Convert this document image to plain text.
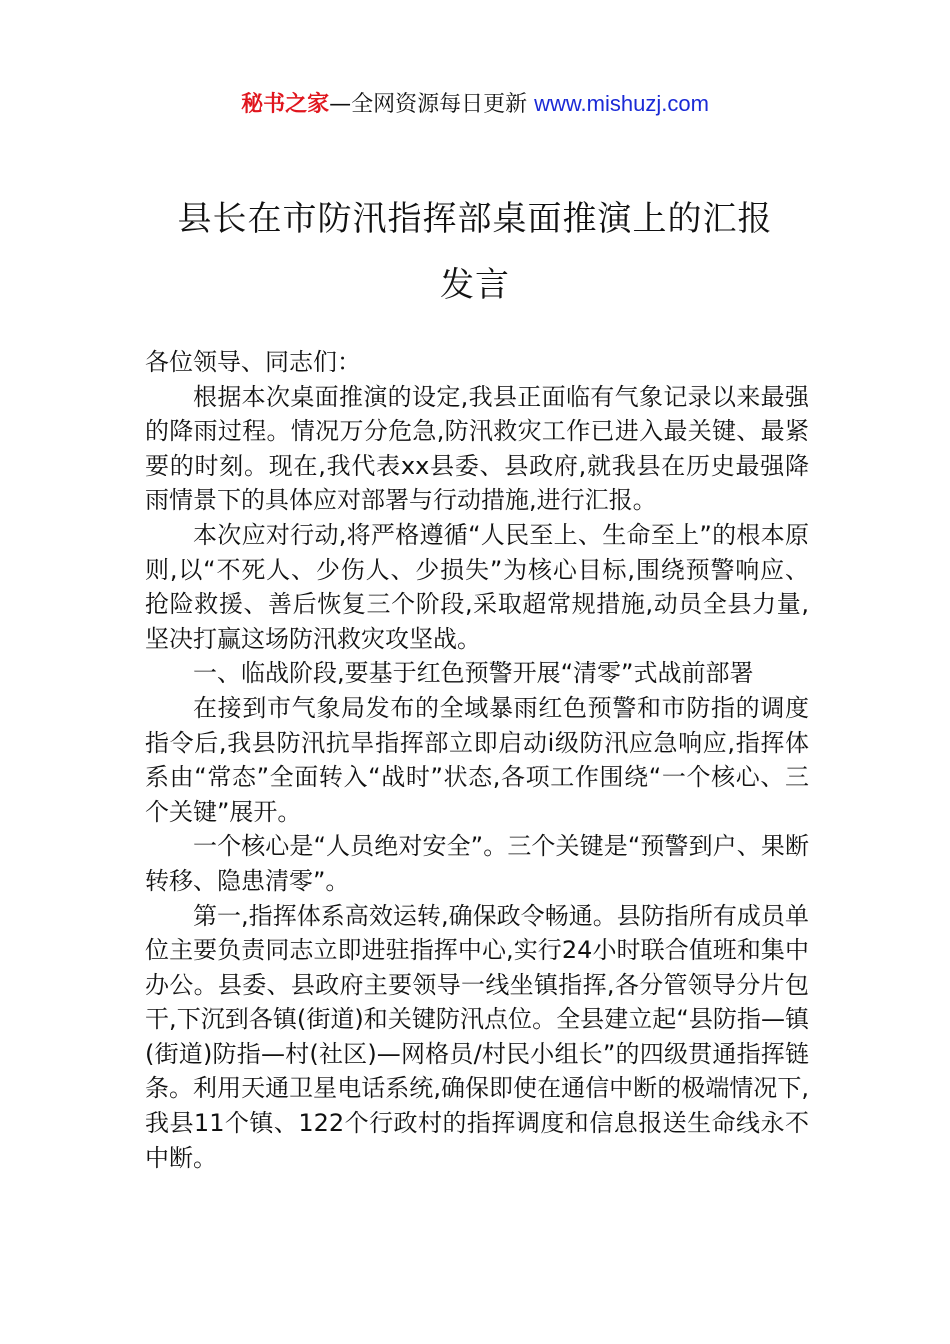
秘书之家—全网资源每日更新 www.mishuzj.com
县长在市防汛指挥部桌面推演上的汇报
发言

各位领导、同志们：

根据本次桌面推演的设定,我县正面临有气象记录以来最强的降雨过程。情况万分危急,防汛救灾工作已进入最关键、最紧要的时刻。现在,我代表xx县委、县政府,就我县在历史最强降雨情景下的具体应对部署与行动措施,进行汇报。

本次应对行动,将严格遵循“人民至上、生命至上”的根本原则,以“不死人、少伤人、少损失”为核心目标,围绕预警响应、抢险救援、善后恢复三个阶段,采取超常规措施,动员全县力量,坚决打赢这场防汛救灾攻坚战。

一、临战阶段,要基于红色预警开展“清零”式战前部署

在接到市气象局发布的全域暴雨红色预警和市防指的调度指令后,我县防汛抗旱指挥部立即启动i级防汛应急响应,指挥体系由“常态”全面转入“战时”状态,各项工作围绕“一个核心、三个关键”展开。

一个核心是“人员绝对安全”。三个关键是“预警到户、果断转移、隐患清零”。

第一,指挥体系高效运转,确保政令畅通。县防指所有成员单位主要负责同志立即进驻指挥中心,实行24小时联合值班和集中办公。县委、县政府主要领导一线坐镇指挥,各分管领导分片包干,下沉到各镇(街道)和关键防汛点位。全县建立起“县防指—镇(街道)防指—村(社区)—网格员/村民小组长”的四级贯通指挥链条。利用天通卫星电话系统,确保即使在通信中断的极端情况下,我县11个镇、122个行政村的指挥调度和信息报送生命线永不中断。
